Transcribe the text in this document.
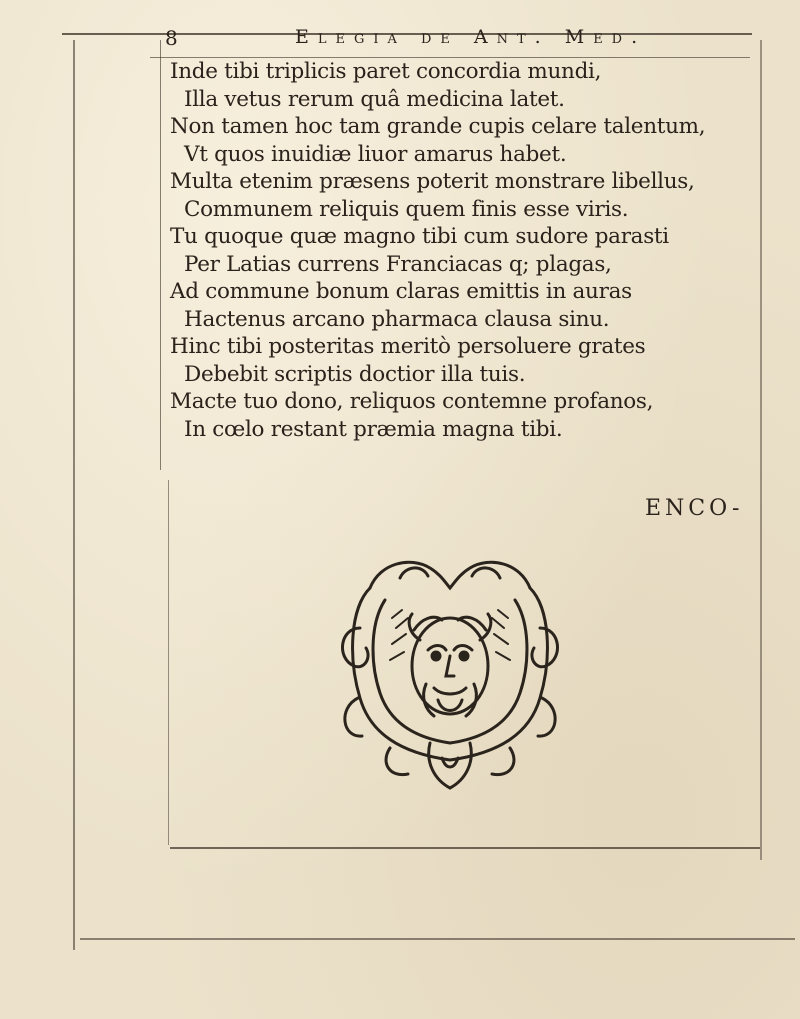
8	Elegia de Ant. Med.
Inde tibi triplicis paret concordia mundi,
Illa vetus rerum quâ medicina latet.
Non tamen hoc tam grande cupis celare talentum,
Vt quos inuidiæ liuor amarus habet.
Multa etenim præsens poterit monstrare libellus,
Communem reliquis quem finis esse viris.
Tu quoque quæ magno tibi cum sudore parasti
Per Latias currens Franciacas q; plagas,
Ad commune bonum claras emittis in auras
Hactenus arcano pharmaca clausa sinu.
Hinc tibi posteritas meritò persoluere grates
Debebit scriptis doctior illa tuis.
Macte tuo dono, reliquos contemne profanos,
In cœlo restant præmia magna tibi.
ENCO-
